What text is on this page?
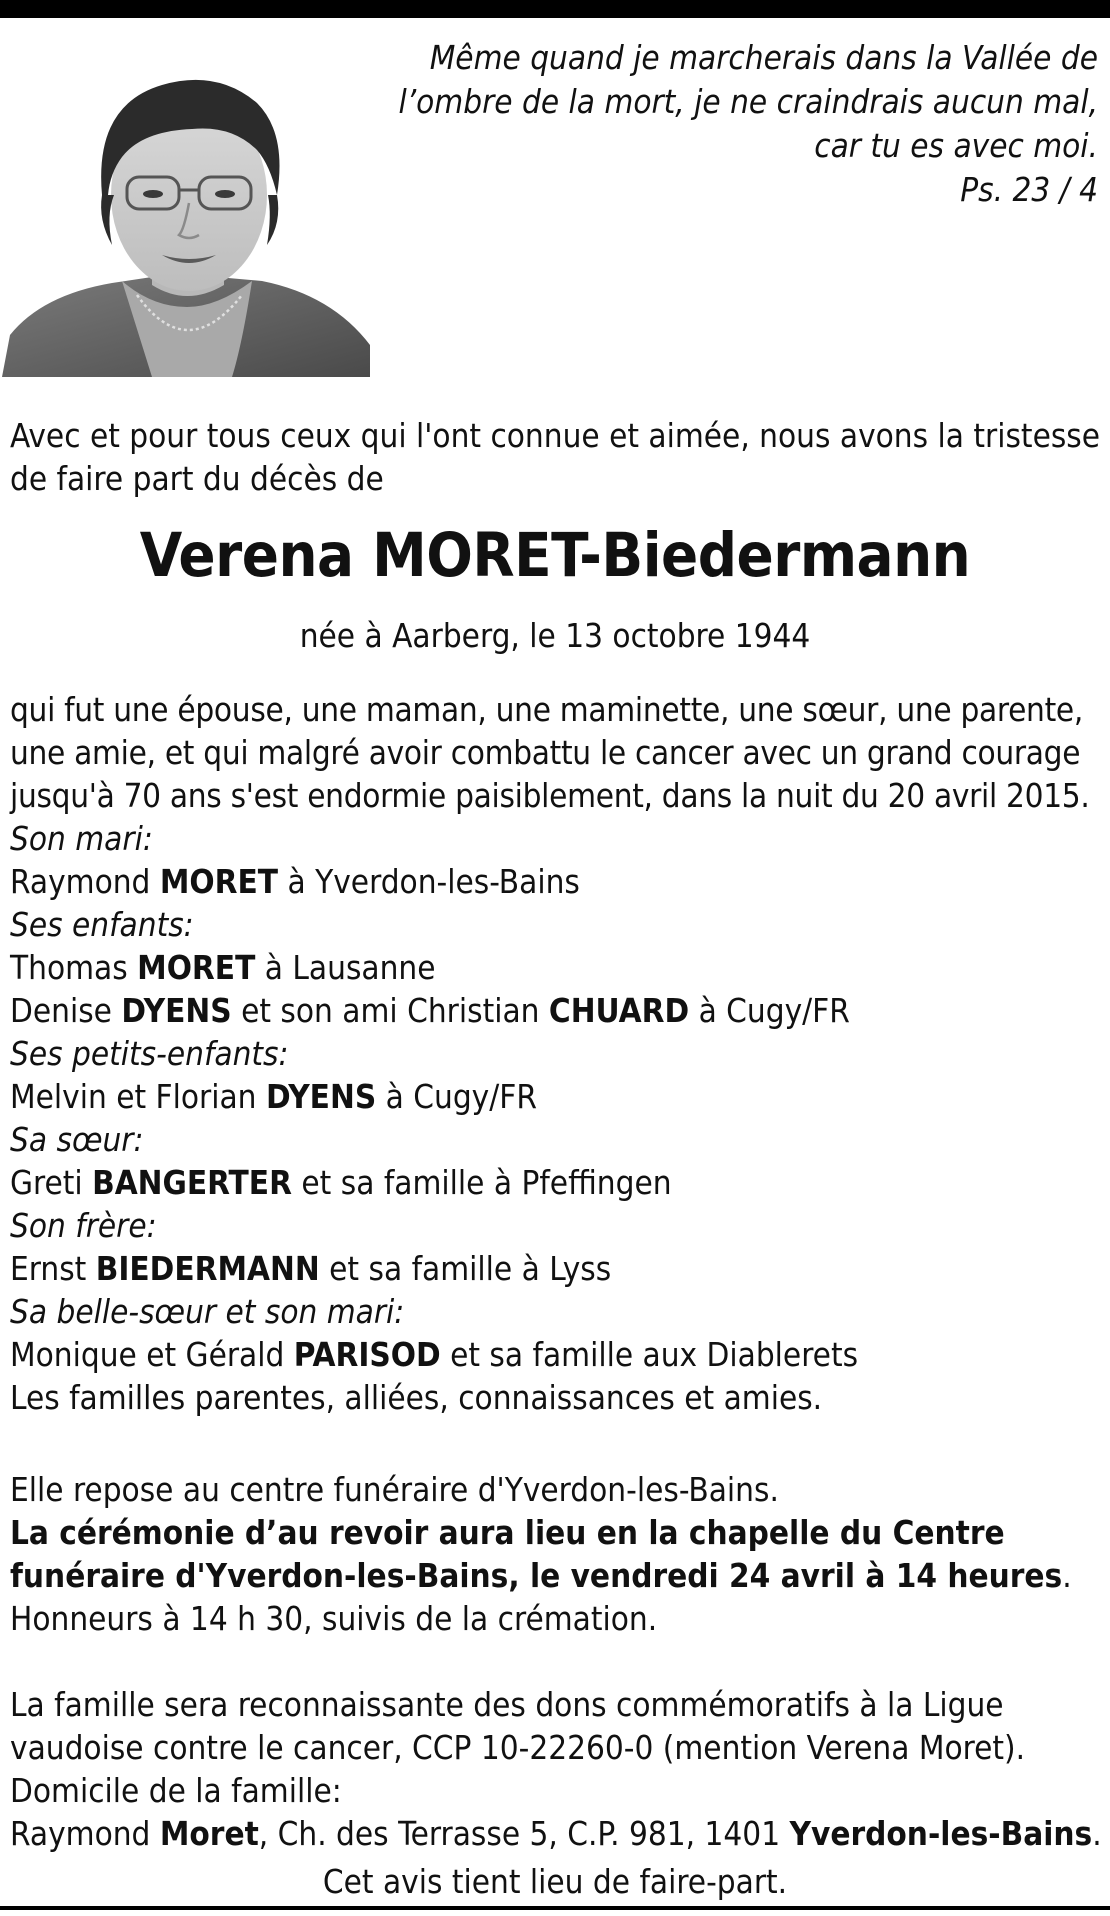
Même quand je marcherais dans la Vallée de
l’ombre de la mort, je ne craindrais aucun mal,
car tu es avec moi.
Ps. 23 / 4
Avec et pour tous ceux qui l'ont connue et aimée, nous avons la tristesse
de faire part du décès de
Verena MORET-Biedermann
née à Aarberg, le 13 octobre 1944
qui fut une épouse, une maman, une maminette, une sœur, une parente,
une amie, et qui malgré avoir combattu le cancer avec un grand courage
jusqu'à 70 ans s'est endormie paisiblement, dans la nuit du 20 avril 2015.
Son mari:
Raymond MORET à Yverdon-les-Bains
Ses enfants:
Thomas MORET à Lausanne
Denise DYENS et son ami Christian CHUARD à Cugy/FR
Ses petits-enfants:
Melvin et Florian DYENS à Cugy/FR
Sa sœur:
Greti BANGERTER et sa famille à Pfeffingen
Son frère:
Ernst BIEDERMANN et sa famille à Lyss
Sa belle-sœur et son mari:
Monique et Gérald PARISOD et sa famille aux Diablerets
Les familles parentes, alliées, connaissances et amies.
Elle repose au centre funéraire d'Yverdon-les-Bains.
La cérémonie d’au revoir aura lieu en la chapelle du Centre
funéraire d'Yverdon-les-Bains, le vendredi 24 avril à 14 heures.
Honneurs à 14 h 30, suivis de la crémation.

La famille sera reconnaissante des dons commémoratifs à la Ligue
vaudoise contre le cancer, CCP 10-22260-0 (mention Verena Moret).
Domicile de la famille:
Raymond Moret, Ch. des Terrasse 5, C.P. 981, 1401 Yverdon-les-Bains.
Cet avis tient lieu de faire-part.
